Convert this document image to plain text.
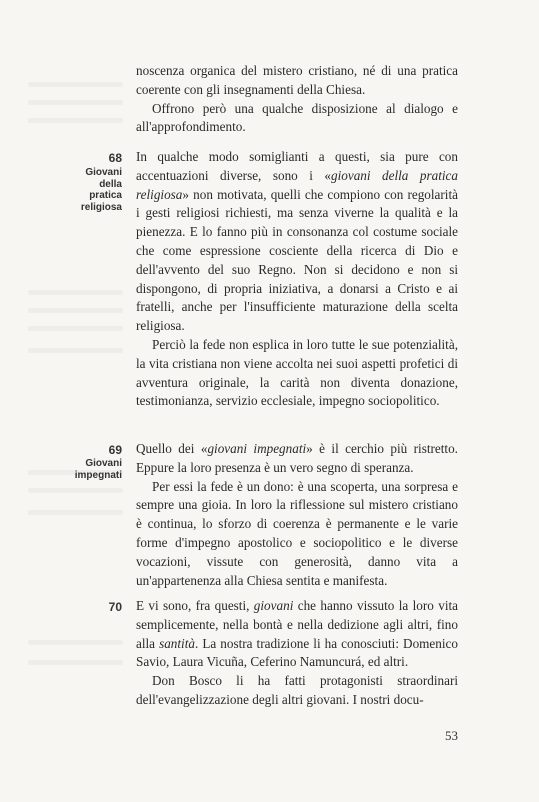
noscenza organica del mistero cristiano, né di una pratica coerente con gli insegnamenti della Chiesa.

Offrono però una qualche disposizione al dialogo e all'approfondimento.

68
Giovani
della
pratica
religiosa

In qualche modo somiglianti a questi, sia pure con accentuazioni diverse, sono i «giovani della pratica religiosa» non motivata, quelli che compiono con regolarità i gesti religiosi richiesti, ma senza viverne la qualità e la pienezza. E lo fanno più in consonanza col costume sociale che come espressione cosciente della ricerca di Dio e dell'avvento del suo Regno. Non si decidono e non si dispongono, di propria iniziativa, a donarsi a Cristo e ai fratelli, anche per l'insufficiente maturazione della scelta religiosa.

Perciò la fede non esplica in loro tutte le sue potenzialità, la vita cristiana non viene accolta nei suoi aspetti profetici di avventura originale, la carità non diventa donazione, testimonianza, servizio ecclesiale, impegno sociopolitico.

69
Giovani
impegnati

Quello dei «giovani impegnati» è il cerchio più ristretto. Eppure la loro presenza è un vero segno di speranza.

Per essi la fede è un dono: è una scoperta, una sorpresa e sempre una gioia. In loro la riflessione sul mistero cristiano è continua, lo sforzo di coerenza è permanente e le varie forme d'impegno apostolico e sociopolitico e le diverse vocazioni, vissute con generosità, danno vita a un'appartenenza alla Chiesa sentita e manifesta.

70 E vi sono, fra questi, giovani che hanno vissuto la loro vita semplicemente, nella bontà e nella dedizione agli altri, fino alla santità. La nostra tradizione li ha conosciuti: Domenico Savio, Laura Vicuña, Ceferino Namuncurá, ed altri.

Don Bosco li ha fatti protagonisti straordinari dell'evangelizzazione degli altri giovani. I nostri docu-

53
